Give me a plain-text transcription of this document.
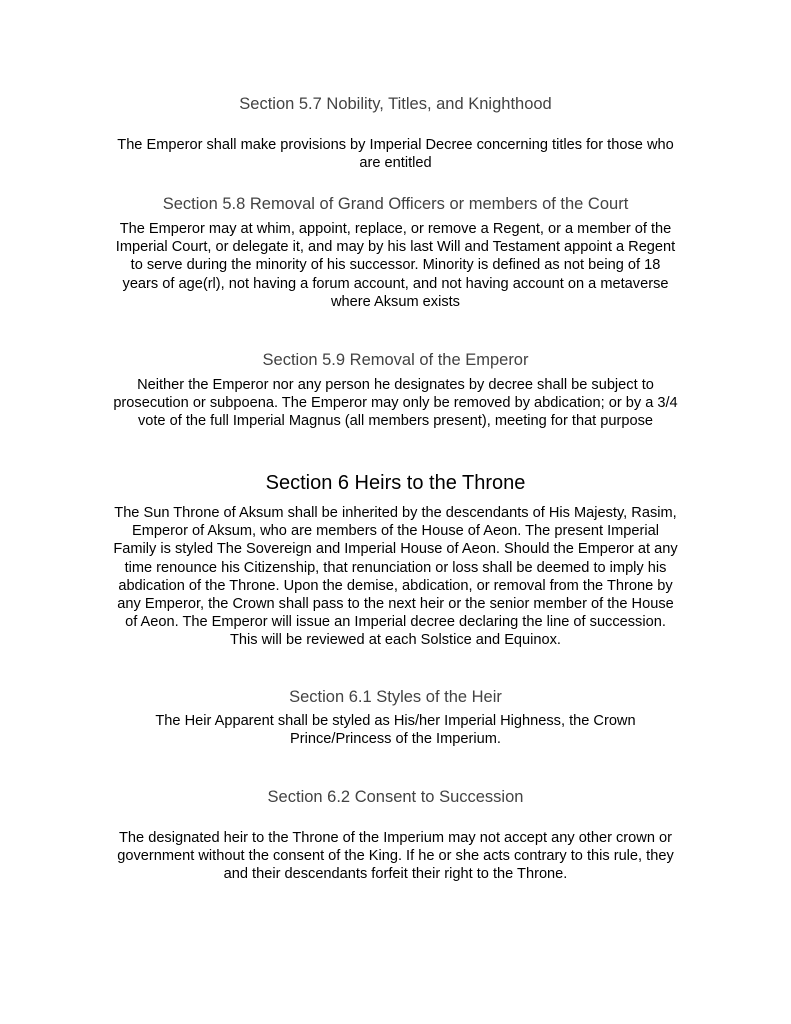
Section 5.7 Nobility, Titles, and Knighthood
The Emperor shall make provisions by Imperial Decree concerning titles for those who
are entitled
Section 5.8 Removal of Grand Officers or members of the Court
The Emperor may at whim, appoint, replace, or remove a Regent, or a member of the
Imperial Court, or delegate it, and may by his last Will and Testament appoint a Regent
to serve during the minority of his successor. Minority is defined as not being of 18
years of age(rl), not having a forum account, and not having account on a metaverse
where Aksum exists
Section 5.9 Removal of the Emperor
Neither the Emperor nor any person he designates by decree shall be subject to
prosecution or subpoena. The Emperor may only be removed by abdication; or by a 3/4
vote of the full Imperial Magnus (all members present), meeting for that purpose
Section 6 Heirs to the Throne
The Sun Throne of Aksum shall be inherited by the descendants of His Majesty, Rasim,
Emperor of Aksum, who are members of the House of Aeon. The present Imperial
Family is styled The Sovereign and Imperial House of Aeon. Should the Emperor at any
time renounce his Citizenship, that renunciation or loss shall be deemed to imply his
abdication of the Throne. Upon the demise, abdication, or removal from the Throne by
any Emperor, the Crown shall pass to the next heir or the senior member of the House
of Aeon. The Emperor will issue an Imperial decree declaring the line of succession.
This will be reviewed at each Solstice and Equinox.
Section 6.1 Styles of the Heir
The Heir Apparent shall be styled as His/her Imperial Highness, the Crown
Prince/Princess of the Imperium.
Section 6.2 Consent to Succession
The designated heir to the Throne of the Imperium may not accept any other crown or
government without the consent of the King. If he or she acts contrary to this rule, they
and their descendants forfeit their right to the Throne.
